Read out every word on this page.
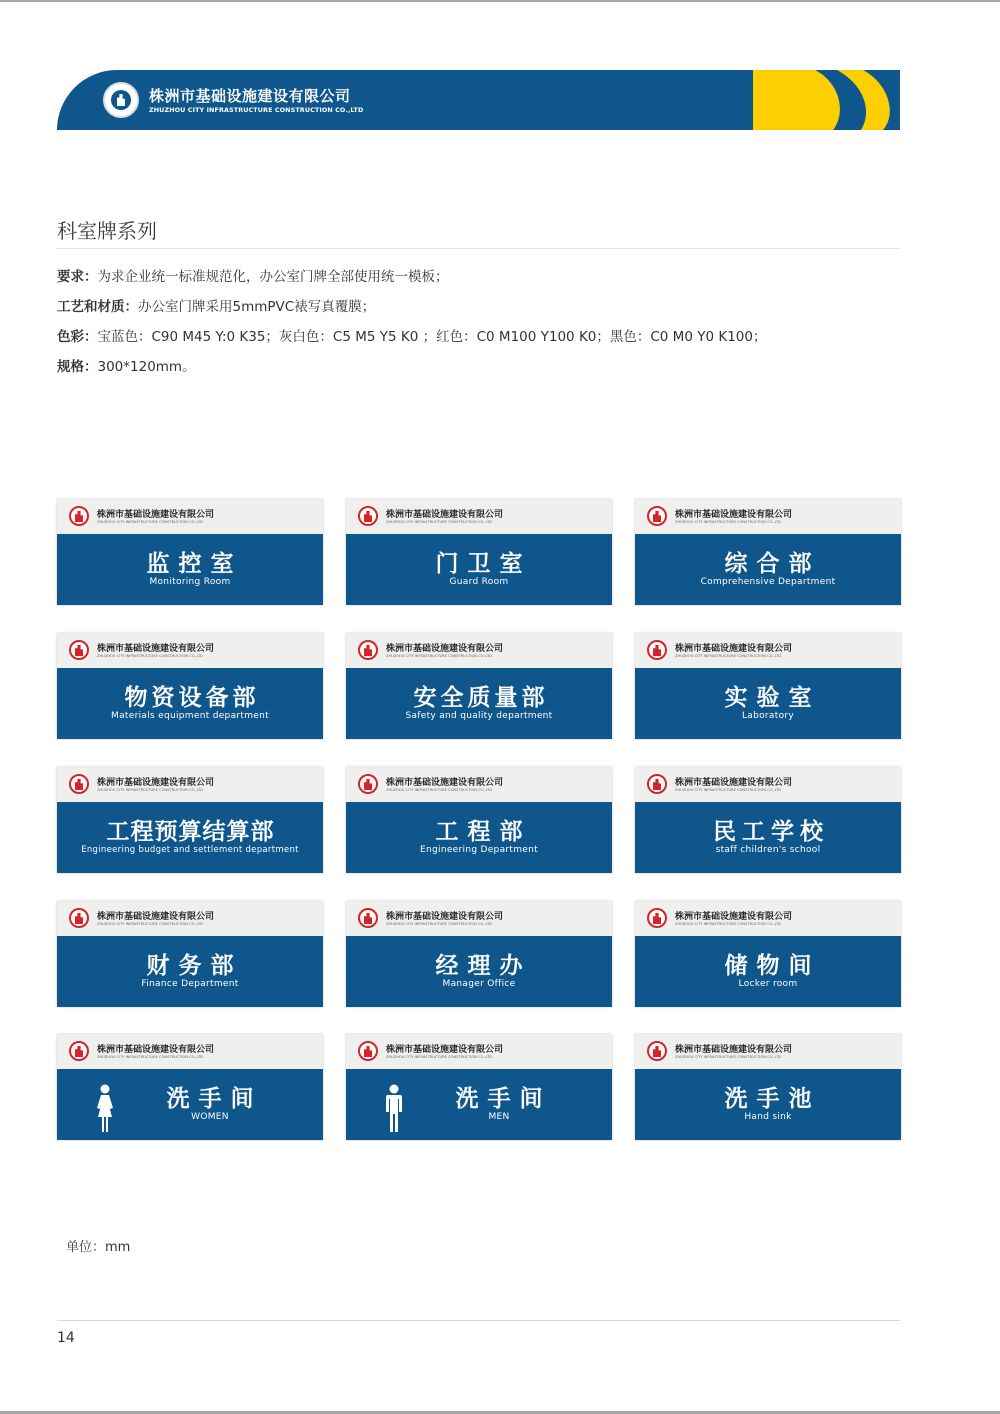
株洲市基础设施建设有限公司
ZHUZHOU CITY INFRASTRUCTURE CONSTRUCTION CO.,LTD
科室牌系列
要求：为求企业统一标准规范化，办公室门牌全部使用统一模板；
工艺和材质：办公室门牌采用5mmPVC裱写真覆膜；
色彩：宝蓝色：C90 M45 Y:0 K35；灰白色：C5 M5 Y5 K0 ；红色：C0 M100 Y100 K0；黑色：C0 M0 Y0 K100；
规格：300*120mm。
株洲市基础设施建设有限公司
ZHUZHOU CITY INFRASTRUCTURE CONSTRUCTION CO.,LTD
监控室
Monitoring Room
株洲市基础设施建设有限公司
ZHUZHOU CITY INFRASTRUCTURE CONSTRUCTION CO.,LTD
门卫室
Guard Room
株洲市基础设施建设有限公司
ZHUZHOU CITY INFRASTRUCTURE CONSTRUCTION CO.,LTD
综合部
Comprehensive Department
株洲市基础设施建设有限公司
ZHUZHOU CITY INFRASTRUCTURE CONSTRUCTION CO.,LTD
物资设备部
Materials equipment department
株洲市基础设施建设有限公司
ZHUZHOU CITY INFRASTRUCTURE CONSTRUCTION CO.,LTD
安全质量部
Safety and quality department
株洲市基础设施建设有限公司
ZHUZHOU CITY INFRASTRUCTURE CONSTRUCTION CO.,LTD
实验室
Laboratory
株洲市基础设施建设有限公司
ZHUZHOU CITY INFRASTRUCTURE CONSTRUCTION CO.,LTD
工程预算结算部
Engineering budget and settlement department
株洲市基础设施建设有限公司
ZHUZHOU CITY INFRASTRUCTURE CONSTRUCTION CO.,LTD
工程部
Engineering Department
株洲市基础设施建设有限公司
ZHUZHOU CITY INFRASTRUCTURE CONSTRUCTION CO.,LTD
民工学校
staff children's school
株洲市基础设施建设有限公司
ZHUZHOU CITY INFRASTRUCTURE CONSTRUCTION CO.,LTD
财务部
Finance Department
株洲市基础设施建设有限公司
ZHUZHOU CITY INFRASTRUCTURE CONSTRUCTION CO.,LTD
经理办
Manager Office
株洲市基础设施建设有限公司
ZHUZHOU CITY INFRASTRUCTURE CONSTRUCTION CO.,LTD
储物间
Locker room
株洲市基础设施建设有限公司
ZHUZHOU CITY INFRASTRUCTURE CONSTRUCTION CO.,LTD
洗手间
WOMEN
株洲市基础设施建设有限公司
ZHUZHOU CITY INFRASTRUCTURE CONSTRUCTION CO.,LTD
洗手间
MEN
株洲市基础设施建设有限公司
ZHUZHOU CITY INFRASTRUCTURE CONSTRUCTION CO.,LTD
洗手池
Hand sink
单位：mm
14
